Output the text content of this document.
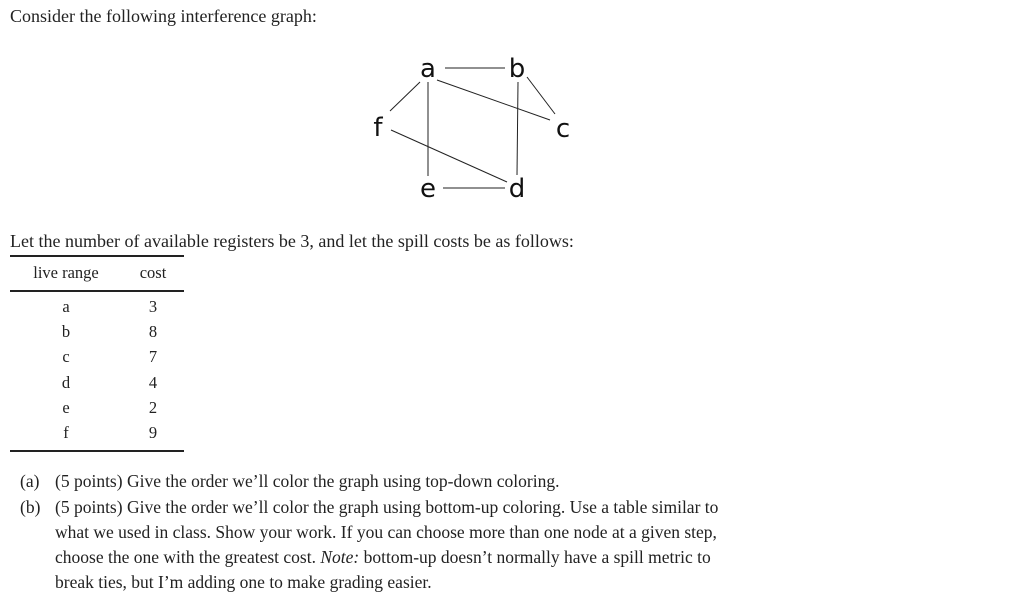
Consider the following interference graph:
a	b
c
d
e
f
Let the number of available registers be 3, and let the spill costs be as follows:
live range	cost
a	3
b	8
c	7
d	4
e	2
f	9
(a) (5 points) Give the order we’ll color the graph using top-down coloring.
(b) (5 points) Give the order we’ll color the graph using bottom-up coloring. Use a table similar to
what we used in class. Show your work. If you can choose more than one node at a given step,
choose the one with the greatest cost. Note: bottom-up doesn’t normally have a spill metric to
break ties, but I’m adding one to make grading easier.
